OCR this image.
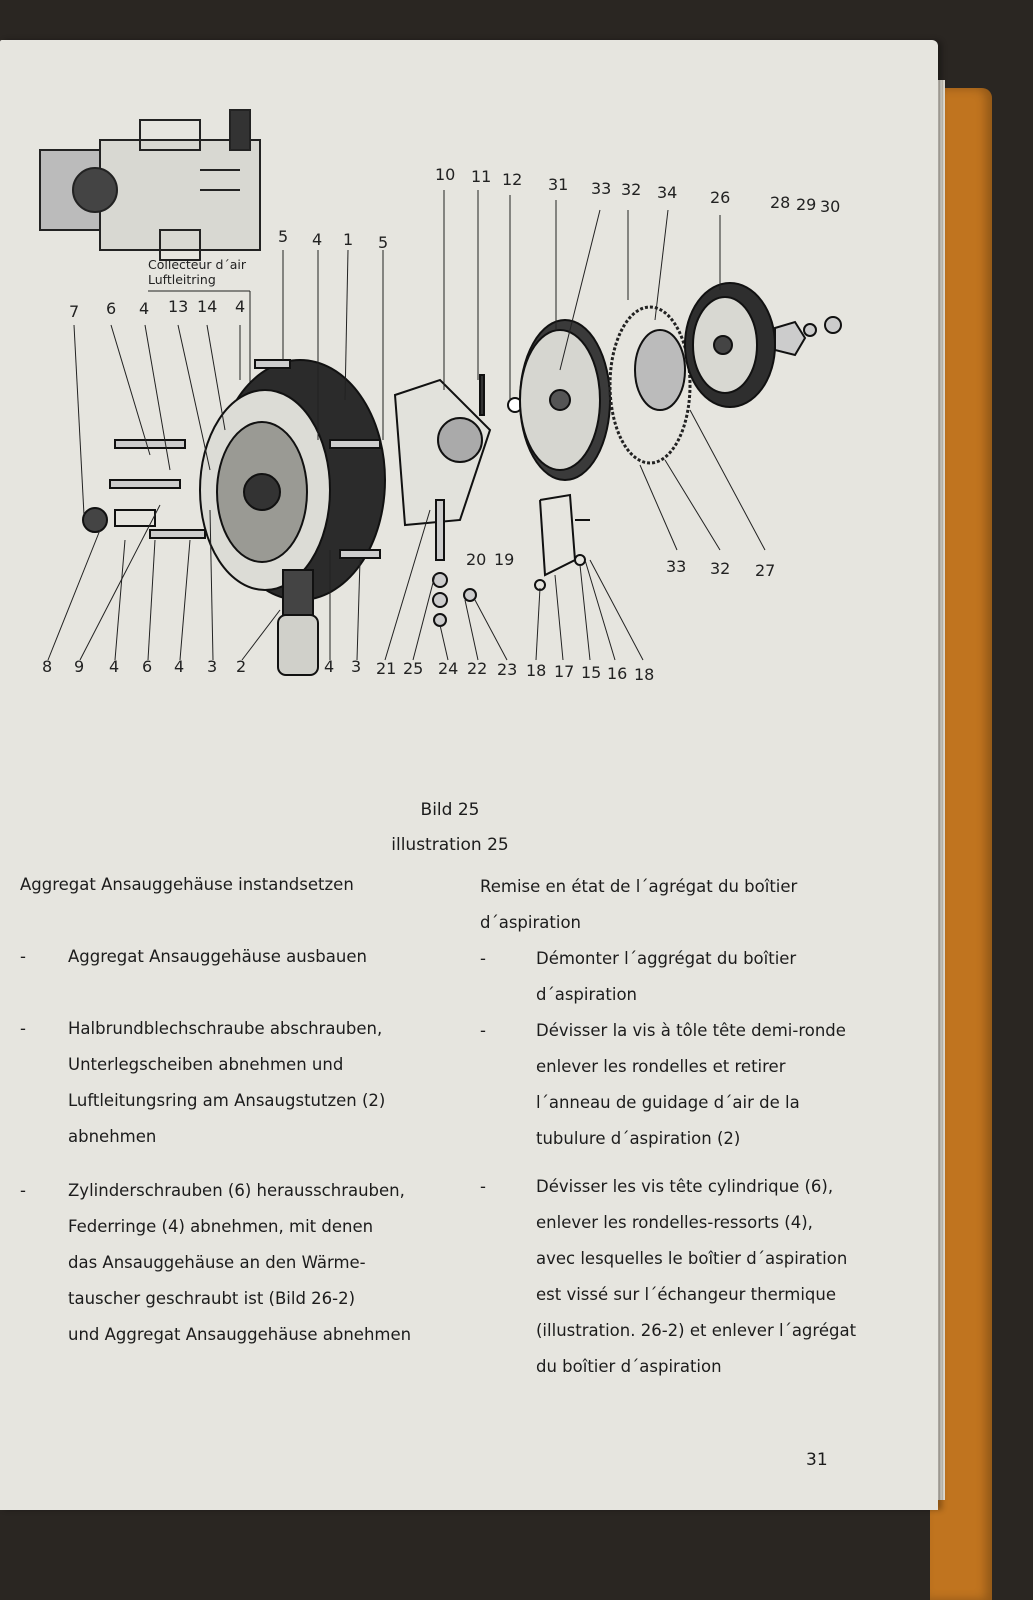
Collecteur d´air
Luftleitring
5 4 1 5
7 6 4 13 14 4
10 11 12 31 33 32 34 26 28 29 30
8 9 4 6 4 3 2	4 3 21 25 24 22 23 18 17 15 16 18
20 19	33 32 27
Bild 25
illustration 25
Aggregat Ansauggehäuse instandsetzen
-	Aggregat Ansauggehäuse ausbauen
-	Halbrundblechschraube abschrauben,
Unterlegscheiben abnehmen und
Luftleitungsring am Ansaugstutzen (2)
abnehmen
-	Zylinderschrauben (6) herausschrauben,
Federringe (4) abnehmen, mit denen
das Ansauggehäuse an den Wärme-
tauscher geschraubt ist (Bild 26-2)
und Aggregat Ansauggehäuse abnehmen
Remise en état de l´agrégat du boîtier
d´aspiration
-	Démonter l´aggrégat du boîtier
d´aspiration
-	Dévisser la vis à tôle tête demi-ronde
enlever les rondelles et retirer
l´anneau de guidage d´air de la
tubulure d´aspiration (2)
-	Dévisser les vis tête cylindrique (6),
enlever les rondelles-ressorts (4),
avec lesquelles le boîtier d´aspiration
est vissé sur l´échangeur thermique
(illustration. 26-2) et enlever l´agrégat
du boîtier d´aspiration
31
